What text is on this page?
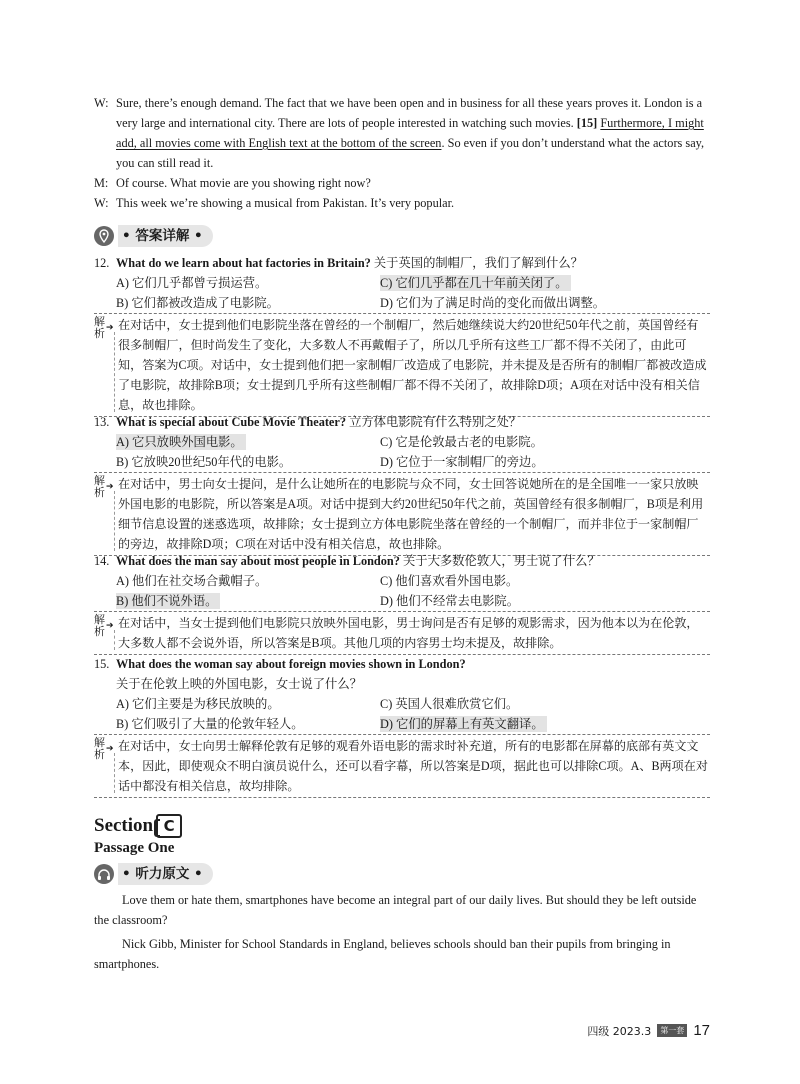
W: Sure, there’s enough demand. The fact that we have been open and in business for all these years proves it. London is a very large and international city. There are lots of people interested in watching such movies. [15] Furthermore, I might add, all movies come with English text at the bottom of the screen. So even if you don’t understand what the actors say, you can still read it.
M: Of course. What movie are you showing right now?
W: This week we’re showing a musical from Pakistan. It’s very popular.
• 答案详解 •
12. What do we learn about hat factories in Britain? 关于英国的制帽厂，我们了解到什么？
A) 它们几乎都曾亏损运营。	C) 它们几乎都在几十年前关闭了。
B) 它们都被改造成了电影院。	D) 它们为了满足时尚的变化而做出调整。
解析 ➔ 在对话中，女士提到他们电影院坐落在曾经的一个制帽厂，然后她继续说大约20世纪50年代之前，英国曾经有很多制帽厂，但时尚发生了变化，大多数人不再戴帽子了，所以几乎所有这些工厂都不得不关闭了，由此可知，答案为C项。对话中，女士提到他们把一家制帽厂改造成了电影院，并未提及是否所有的制帽厂都被改造成了电影院，故排除B项；女士提到几乎所有这些制帽厂都不得不关闭了，故排除D项；A项在对话中没有相关信息，故也排除。
13. What is special about Cube Movie Theater? 立方体电影院有什么特别之处？
A) 它只放映外国电影。	C) 它是伦敦最古老的电影院。
B) 它放映20世纪50年代的电影。	D) 它位于一家制帽厂的旁边。
解析 ➔ 在对话中，男士向女士提问，是什么让她所在的电影院与众不同，女士回答说她所在的是全国唯一一家只放映外国电影的电影院，所以答案是A项。对话中提到大约20世纪50年代之前，英国曾经有很多制帽厂，B项是利用细节信息设置的迷惑选项，故排除；女士提到立方体电影院坐落在曾经的一个制帽厂，而并非位于一家制帽厂的旁边，故排除D项；C项在对话中没有相关信息，故也排除。
14. What does the man say about most people in London? 关于大多数伦敦人，男士说了什么？
A) 他们在社交场合戴帽子。	C) 他们喜欢看外国电影。
B) 他们不说外语。	D) 他们不经常去电影院。
解析 ➔ 在对话中，当女士提到他们电影院只放映外国电影，男士询问是否有足够的观影需求，因为他本以为在伦敦，大多数人都不会说外语，所以答案是B项。其他几项的内容男士均未提及，故排除。
15. What does the woman say about foreign movies shown in London?
关于在伦敦上映的外国电影，女士说了什么？
A) 它们主要是为移民放映的。	C) 英国人很难欣赏它们。
B) 它们吸引了大量的伦敦年轻人。	D) 它们的屏幕上有英文翻译。
解析 ➔ 在对话中，女士向男士解释伦敦有足够的观看外语电影的需求时补充道，所有的电影都在屏幕的底部有英文文本，因此，即使观众不明白演员说什么，还可以看字幕，所以答案是D项，据此也可以排除C项。A、B两项在对话中都没有相关信息，故均排除。
Section C
Passage One
• 听力原文 •

Love them or hate them, smartphones have become an integral part of our daily lives. But should they be left outside the classroom?

Nick Gibb, Minister for School Standards in England, believes schools should ban their pupils from bringing in smartphones.

四级 2023.3	第一套 17
